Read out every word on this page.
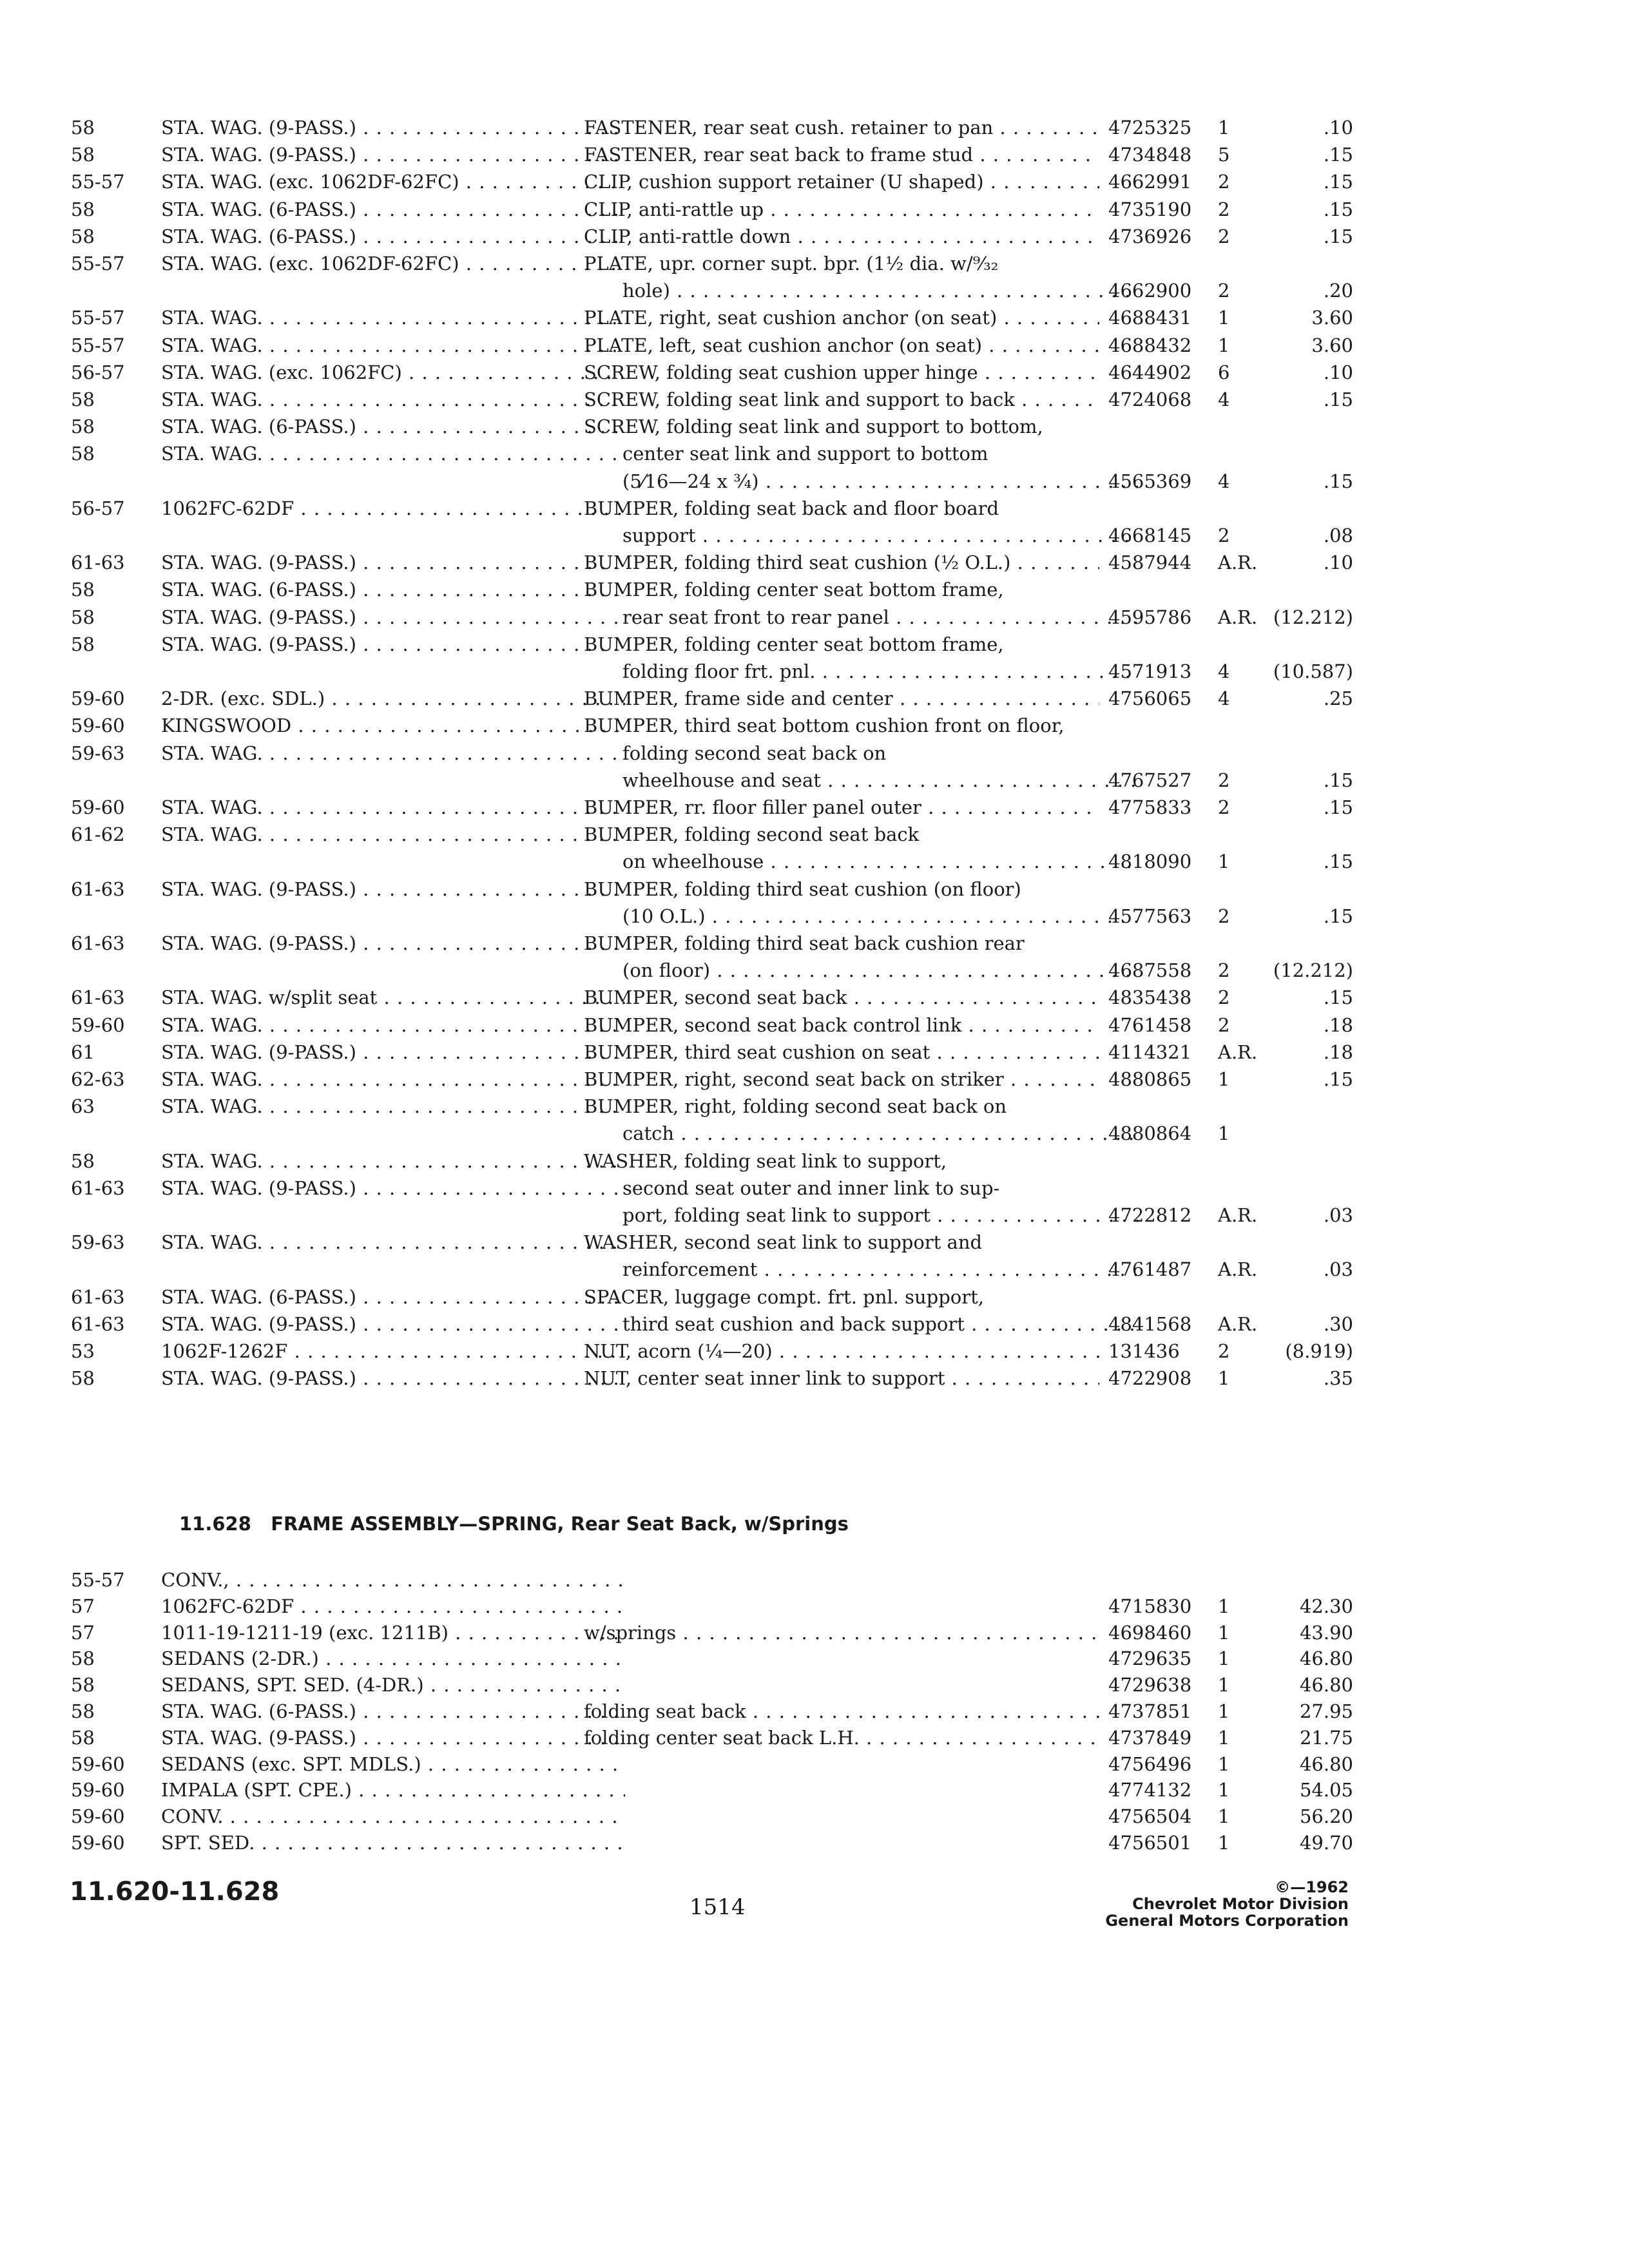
58	STA. WAG. (9-PASS.) . . .	FASTENER, rear seat cush. retainer to pan . . .	4725325	1	.10
58	STA. WAG. (9-PASS.) . . .	FASTENER, rear seat back to frame stud . . .	4734848	5	.15
55-57	STA. WAG. (exc. 1062DF-62FC) . . .	CLIP, cushion support retainer (U shaped) . . .	4662991	2	.15
58	STA. WAG. (6-PASS.) . . .	CLIP, anti-rattle up . . .	4735190	2	.15
58	STA. WAG. (6-PASS.) . . .	CLIP, anti-rattle down . . .	4736926	2	.15
55-57	STA. WAG. (exc. 1062DF-62FC) . . .	PLATE, upr. corner supt. bpr. (1½ dia. w/⁹⁄₃₂
hole) . . .	4662900	2	.20
55-57	STA. WAG. . . .	PLATE, right, seat cushion anchor (on seat) . . .	4688431	1	3.60
55-57	STA. WAG. . . .	PLATE, left, seat cushion anchor (on seat) . . .	4688432	1	3.60
56-57	STA. WAG. (exc. 1062FC) . . .	SCREW, folding seat cushion upper hinge . . .	4644902	6	.10
58	STA. WAG. . . .	SCREW, folding seat link and support to back . . .	4724068	4	.15
58	STA. WAG. (6-PASS.) . . .	SCREW, folding seat link and support to bottom,
58	STA. WAG. . . .	center seat link and support to bottom
(5⁄16—24 x ¾) . . .	4565369	4	.15
56-57	1062FC-62DF . . .	BUMPER, folding seat back and floor board
support . . .	4668145	2	.08
61-63	STA. WAG. (9-PASS.) . . .	BUMPER, folding third seat cushion (½ O.L.) . . .	4587944	A.R.	.10
58	STA. WAG. (6-PASS.) . . .	BUMPER, folding center seat bottom frame,
58	STA. WAG. (9-PASS.) . . .	rear seat front to rear panel . . .	4595786	A.R. (12.212)
58	STA. WAG. (9-PASS.) . . .	BUMPER, folding center seat bottom frame,
folding floor frt. pnl. . . .	4571913	4	(10.587)
59-60	2-DR. (exc. SDL.) . . .	BUMPER, frame side and center . . .	4756065	4	.25
59-60	KINGSWOOD . . .	BUMPER, third seat bottom cushion front on floor,
59-63	STA. WAG. . . .	folding second seat back on
wheelhouse and seat . . .	4767527	2	.15
59-60	STA. WAG. . . .	BUMPER, rr. floor filler panel outer . . .	4775833	2	.15
61-62	STA. WAG. . . .	BUMPER, folding second seat back
on wheelhouse . . .	4818090	1	.15
61-63	STA. WAG. (9-PASS.) . . .	BUMPER, folding third seat cushion (on floor)
(10 O.L.) . . .	4577563	2	.15
61-63	STA. WAG. (9-PASS.) . . .	BUMPER, folding third seat back cushion rear
(on floor) . . .	4687558	2	(12.212)
61-63	STA. WAG. w/split seat . . .	BUMPER, second seat back . . .	4835438	2	.15
59-60	STA. WAG. . . .	BUMPER, second seat back control link . . .	4761458	2	.18
61	STA. WAG. (9-PASS.) . . .	BUMPER, third seat cushion on seat . . .	4114321	A.R.	.18
62-63	STA. WAG. . . .	BUMPER, right, second seat back on striker . . .	4880865	1	.15
63	STA. WAG. . . .	BUMPER, right, folding second seat back on
catch . . .	4880864	1
58	STA. WAG. . . .	WASHER, folding seat link to support,
61-63	STA. WAG. (9-PASS.) . . .	second seat outer and inner link to sup-
port, folding seat link to support . . .	4722812	A.R.	.03
59-63	STA. WAG. . . .	WASHER, second seat link to support and
reinforcement . . .	4761487	A.R.	.03
61-63	STA. WAG. (6-PASS.) . . .	SPACER, luggage compt. frt. pnl. support,
61-63	STA. WAG. (9-PASS.) . . .	third seat cushion and back support . . .	4841568	A.R.	.30
53	1062F-1262F . . .	NUT, acorn (¼—20) . . .	131436	2	(8.919)
58	STA. WAG. (9-PASS.) . . .	NUT, center seat inner link to support . . .	4722908	1	.35
11.628 FRAME ASSEMBLY—SPRING, Rear Seat Back, w/Springs
55-57	CONV., . . .
57	1062FC-62DF . . .	4715830	1	42.30
57	1011-19-1211-19 (exc. 1211B) . . .	w/springs . . .	4698460	1	43.90
58	SEDANS (2-DR.) . . .	4729635	1	46.80
58	SEDANS, SPT. SED. (4-DR.) . . .	4729638	1	46.80
58	STA. WAG. (6-PASS.) . . .	folding seat back . . .	4737851	1	27.95
58	STA. WAG. (9-PASS.) . . .	folding center seat back L.H. . . .	4737849	1	21.75
59-60	SEDANS (exc. SPT. MDLS.) . . .	4756496	1	46.80
59-60	IMPALA (SPT. CPE.) . . .	4774132	1	54.05
59-60	CONV. . . .	4756504	1	56.20
59-60	SPT. SED. . . .	4756501	1	49.70
11.620-11.628
1514
©—1962
Chevrolet Motor Division
General Motors Corporation
